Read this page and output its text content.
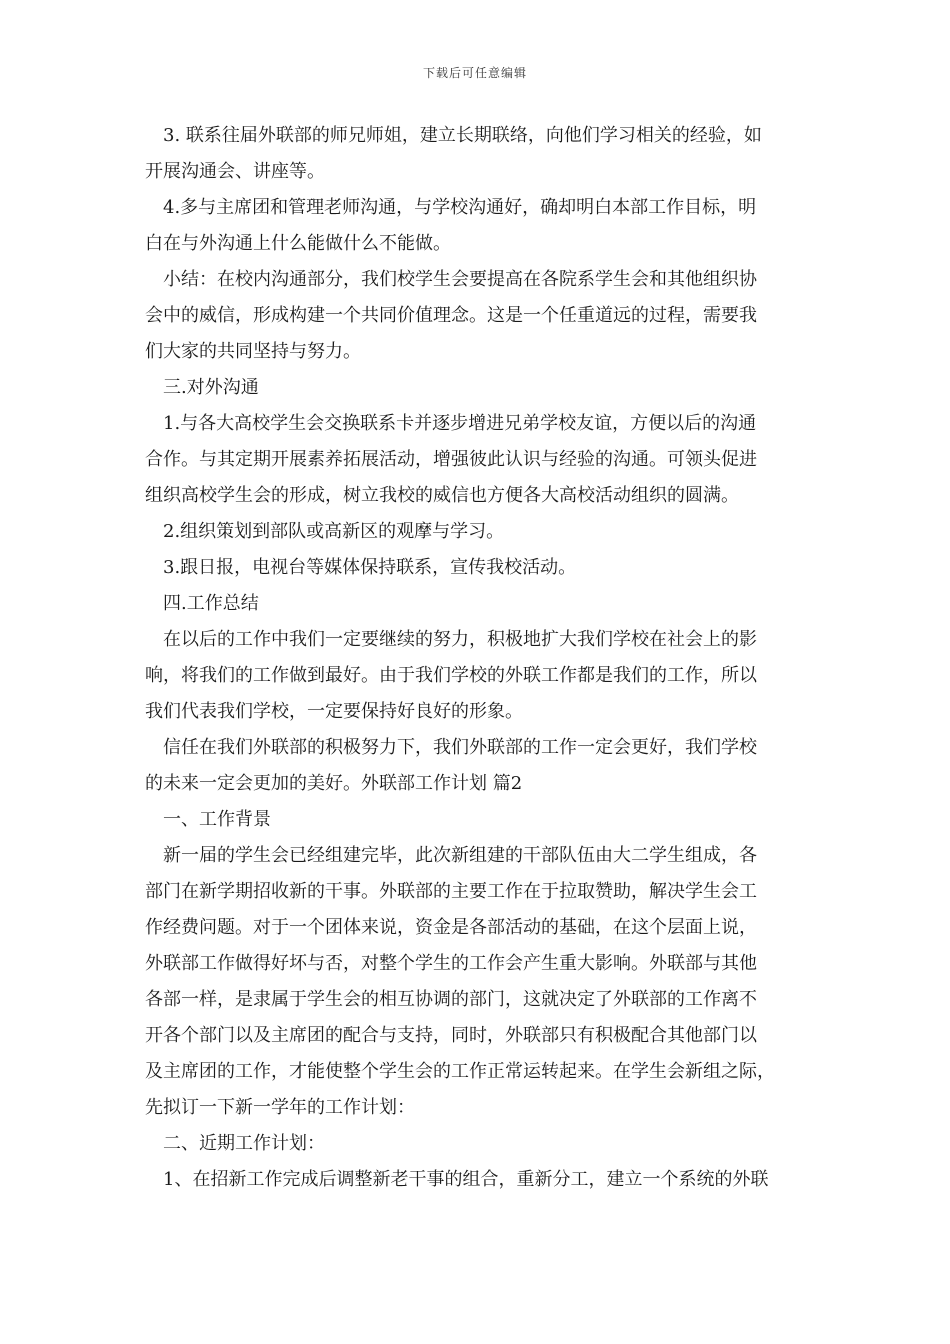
下载后可任意编辑
3. 联系往届外联部的师兄师姐，建立长期联络，向他们学习相关的经验，如
开展沟通会、讲座等。
4.多与主席团和管理老师沟通，与学校沟通好，确却明白本部工作目标，明
白在与外沟通上什么能做什么不能做。
小结：在校内沟通部分，我们校学生会要提高在各院系学生会和其他组织协
会中的威信，形成构建一个共同价值理念。这是一个任重道远的过程，需要我
们大家的共同坚持与努力。
三.对外沟通
1.与各大高校学生会交换联系卡并逐步增进兄弟学校友谊，方便以后的沟通
合作。与其定期开展素养拓展活动，增强彼此认识与经验的沟通。可领头促进
组织高校学生会的形成，树立我校的威信也方便各大高校活动组织的圆满。
2.组织策划到部队或高新区的观摩与学习。
3.跟日报，电视台等媒体保持联系，宣传我校活动。
四.工作总结
在以后的工作中我们一定要继续的努力，积极地扩大我们学校在社会上的影
响，将我们的工作做到最好。由于我们学校的外联工作都是我们的工作，所以
我们代表我们学校，一定要保持好良好的形象。
信任在我们外联部的积极努力下，我们外联部的工作一定会更好，我们学校
的未来一定会更加的美好。外联部工作计划 篇2
一、工作背景
新一届的学生会已经组建完毕，此次新组建的干部队伍由大二学生组成，各
部门在新学期招收新的干事。外联部的主要工作在于拉取赞助，解决学生会工
作经费问题。对于一个团体来说，资金是各部活动的基础，在这个层面上说，
外联部工作做得好坏与否，对整个学生的工作会产生重大影响。外联部与其他
各部一样，是隶属于学生会的相互协调的部门，这就决定了外联部的工作离不
开各个部门以及主席团的配合与支持，同时，外联部只有积极配合其他部门以
及主席团的工作，才能使整个学生会的工作正常运转起来。在学生会新组之际，
先拟订一下新一学年的工作计划：
二、近期工作计划：
1、在招新工作完成后调整新老干事的组合，重新分工，建立一个系统的外联
